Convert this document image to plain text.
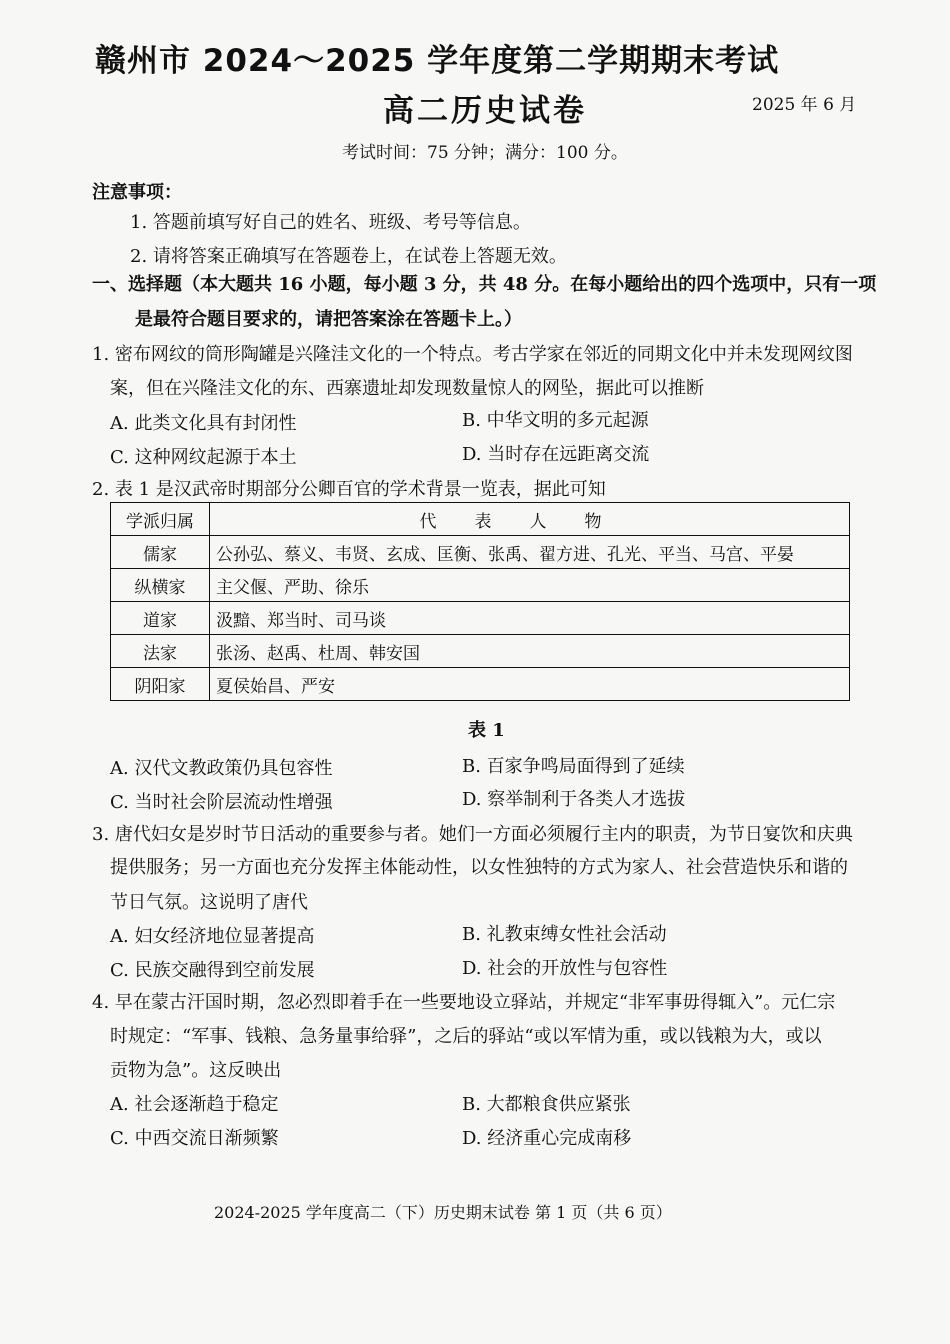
赣州市 2024～2025 学年度第二学期期末考试
高二历史试卷	2025 年 6 月
考试时间：75 分钟；满分：100 分。
注意事项：
1. 答题前填写好自己的姓名、班级、考号等信息。
2. 请将答案正确填写在答题卷上，在试卷上答题无效。
一、选择题（本大题共 16 小题，每小题 3 分，共 48 分。在每小题给出的四个选项中，只有一项
是最符合题目要求的，请把答案涂在答题卡上。）
1. 密布网纹的筒形陶罐是兴隆洼文化的一个特点。考古学家在邻近的同期文化中并未发现网纹图
案，但在兴隆洼文化的东、西寨遗址却发现数量惊人的网坠，据此可以推断
A. 此类文化具有封闭性	B. 中华文明的多元起源
C. 这种网纹起源于本土	D. 当时存在远距离交流
2. 表 1 是汉武帝时期部分公卿百官的学术背景一览表，据此可知
学派归属	代表人物
儒家	公孙弘、蔡义、韦贤、玄成、匡衡、张禹、翟方进、孔光、平当、马宫、平晏
纵横家	主父偃、严助、徐乐
道家	汲黯、郑当时、司马谈
法家	张汤、赵禹、杜周、韩安国
阴阳家	夏侯始昌、严安
表 1
A. 汉代文教政策仍具包容性	B. 百家争鸣局面得到了延续
C. 当时社会阶层流动性增强	D. 察举制利于各类人才选拔
3. 唐代妇女是岁时节日活动的重要参与者。她们一方面必须履行主内的职责，为节日宴饮和庆典
提供服务；另一方面也充分发挥主体能动性，以女性独特的方式为家人、社会营造快乐和谐的
节日气氛。这说明了唐代
A. 妇女经济地位显著提高	B. 礼教束缚女性社会活动
C. 民族交融得到空前发展	D. 社会的开放性与包容性
4. 早在蒙古汗国时期，忽必烈即着手在一些要地设立驿站，并规定“非军事毋得辄入”。元仁宗
时规定：“军事、钱粮、急务量事给驿”，之后的驿站“或以军情为重，或以钱粮为大，或以
贡物为急”。这反映出
A. 社会逐渐趋于稳定	B. 大都粮食供应紧张
C. 中西交流日渐频繁	D. 经济重心完成南移
2024-2025 学年度高二（下）历史期末试卷 第 1 页（共 6 页）
